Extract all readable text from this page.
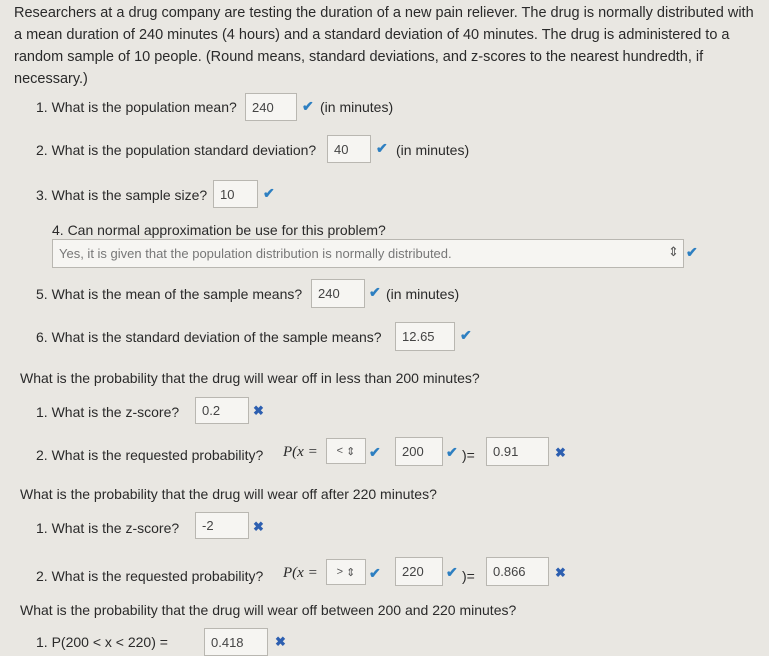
Researchers at a drug company are testing the duration of a new pain reliever. The drug is normally distributed with a mean duration of 240 minutes (4 hours) and a standard deviation of 40 minutes. The drug is administered to a random sample of 10 people. (Round means, standard deviations, and z-scores to the nearest hundredth, if necessary.)
1. What is the population mean?	240	✔ (in minutes)
2. What is the population standard deviation?	40	✔ (in minutes)
3. What is the sample size? 10	✔
4. Can normal approximation be use for this problem?
Yes, it is given that the population distribution is normally distributed.	⇕ ✔
5. What is the mean of the sample means?	240	✔ (in minutes)
6. What is the standard deviation of the sample means?	12.65	✔
What is the probability that the drug will wear off in less than 200 minutes?
1. What is the z-score?	0.2	✖
2. What is the requested probability? P(x = < ⇕ ✔	200	✔ )=	0.91	✖
What is the probability that the drug will wear off after 220 minutes?
1. What is the z-score?	-2	✖
2. What is the requested probability? P(x = > ⇕ ✔	220	✔ )=	0.866	✖
What is the probability that the drug will wear off between 200 and 220 minutes?
1. P(200 < x < 220) =	0.418	✖
